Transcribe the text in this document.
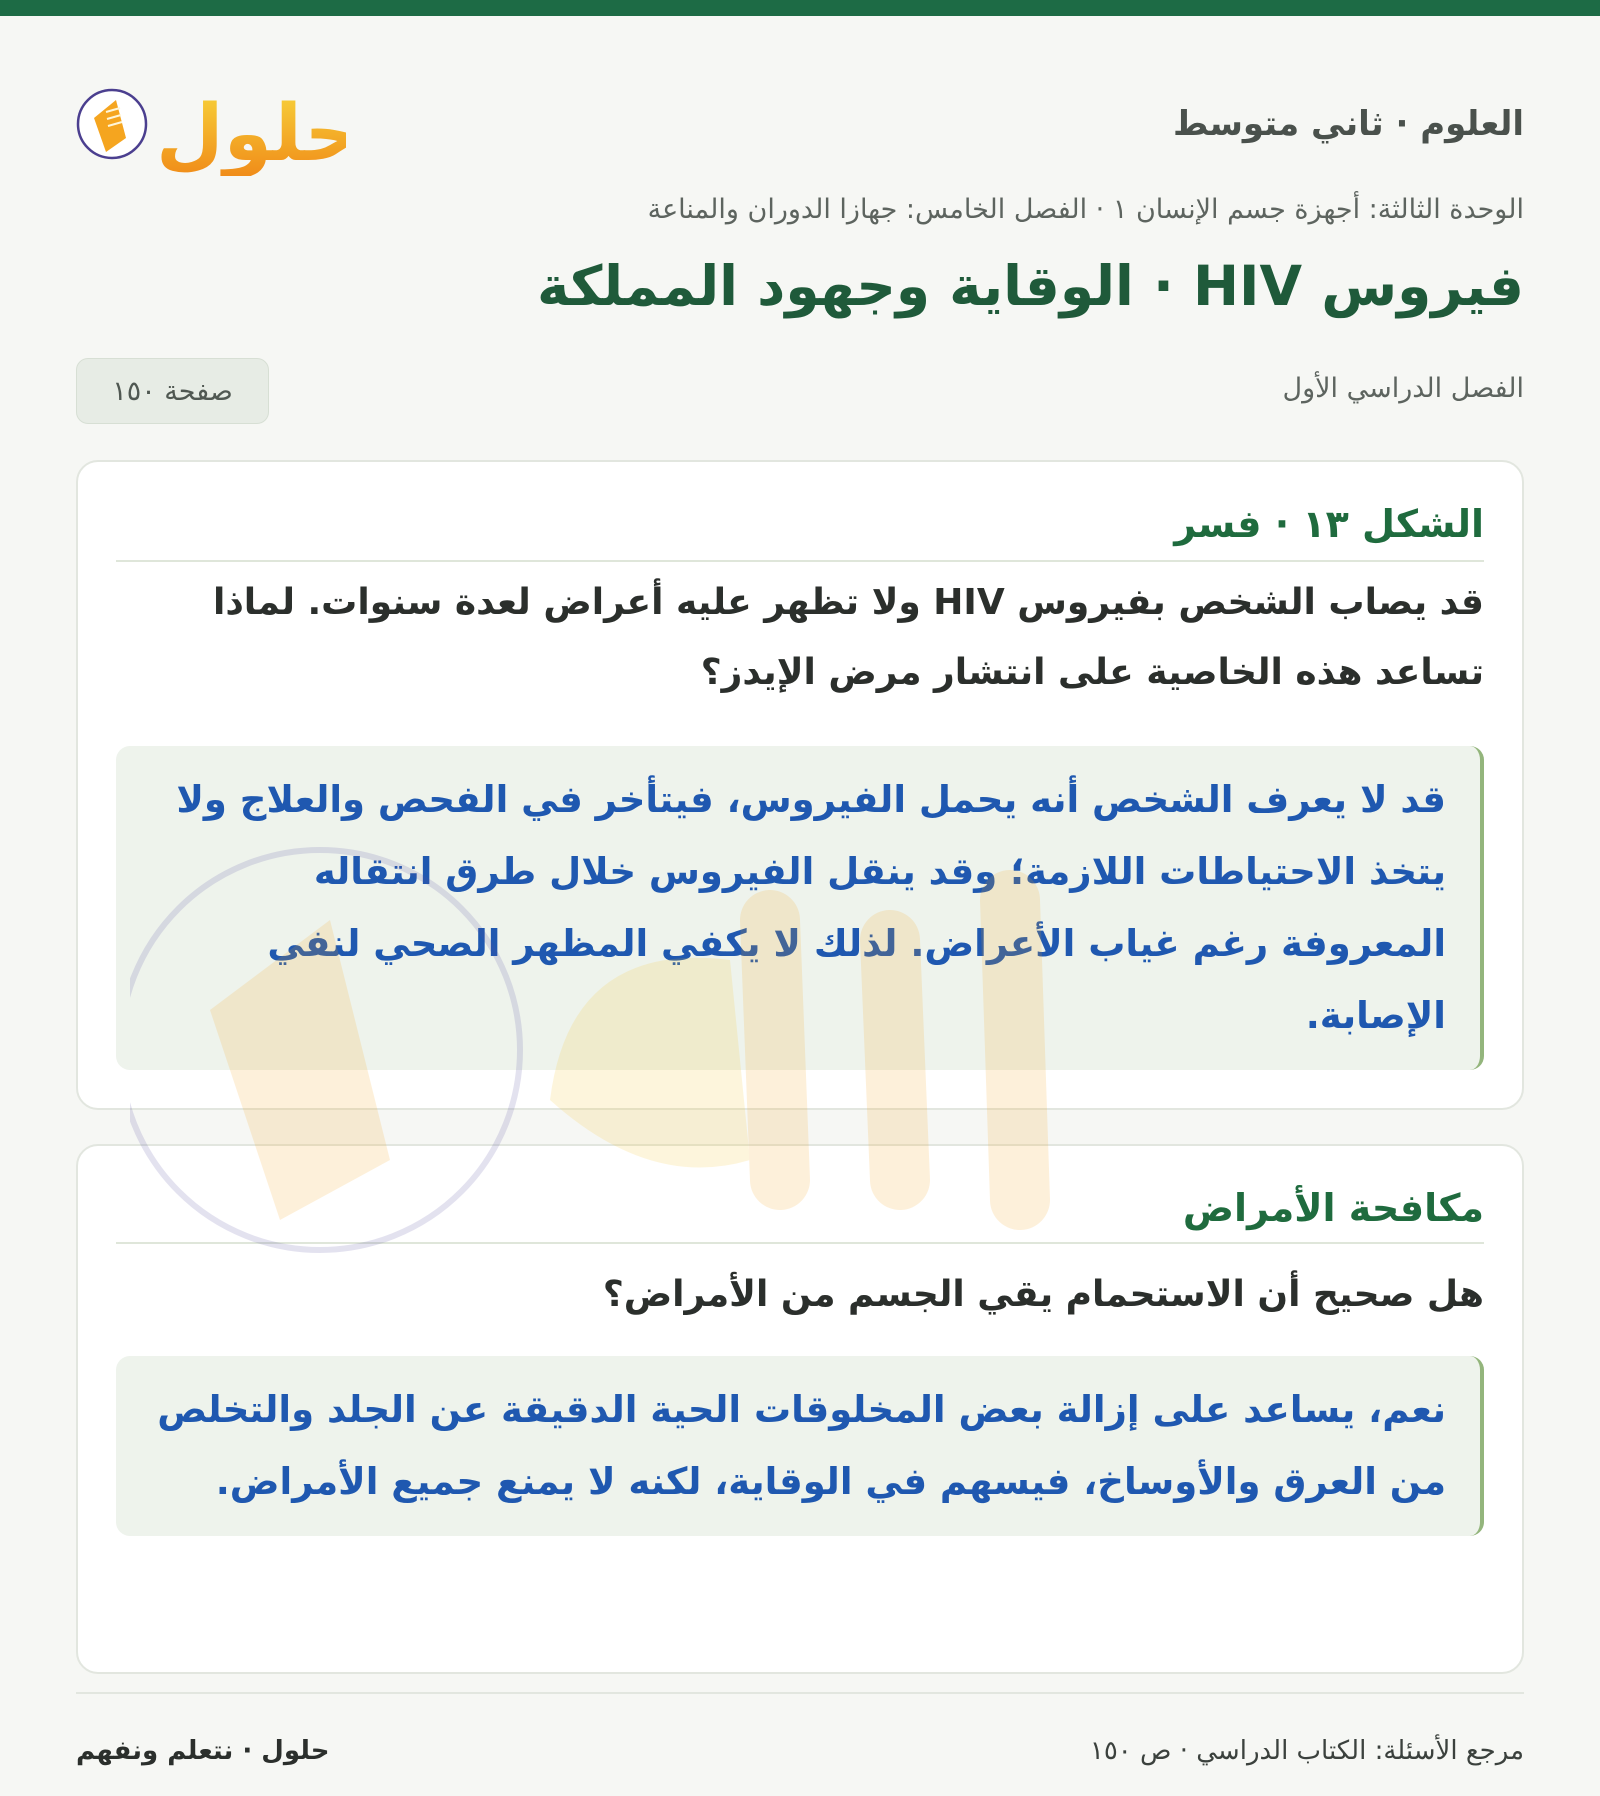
العلوم · ثاني متوسط
حلول
الوحدة الثالثة: أجهزة جسم الإنسان ١ · الفصل الخامس: جهازا الدوران والمناعة
فيروس HIV · الوقاية وجهود المملكة
الفصل الدراسي الأول
صفحة ١٥٠
الشكل ١٣ · فسر
قد يصاب الشخص بفيروس HIV ولا تظهر عليه أعراض لعدة سنوات. لماذا تساعد هذه الخاصية على انتشار مرض الإيدز؟
قد لا يعرف الشخص أنه يحمل الفيروس، فيتأخر في الفحص والعلاج ولا يتخذ الاحتياطات اللازمة؛ وقد ينقل الفيروس خلال طرق انتقاله المعروفة رغم غياب الأعراض. لذلك لا يكفي المظهر الصحي لنفي الإصابة.
مكافحة الأمراض
هل صحيح أن الاستحمام يقي الجسم من الأمراض؟
نعم، يساعد على إزالة بعض المخلوقات الحية الدقيقة عن الجلد والتخلص من العرق والأوساخ، فيسهم في الوقاية، لكنه لا يمنع جميع الأمراض.
مرجع الأسئلة: الكتاب الدراسي · ص ١٥٠
حلول · نتعلم ونفهم
